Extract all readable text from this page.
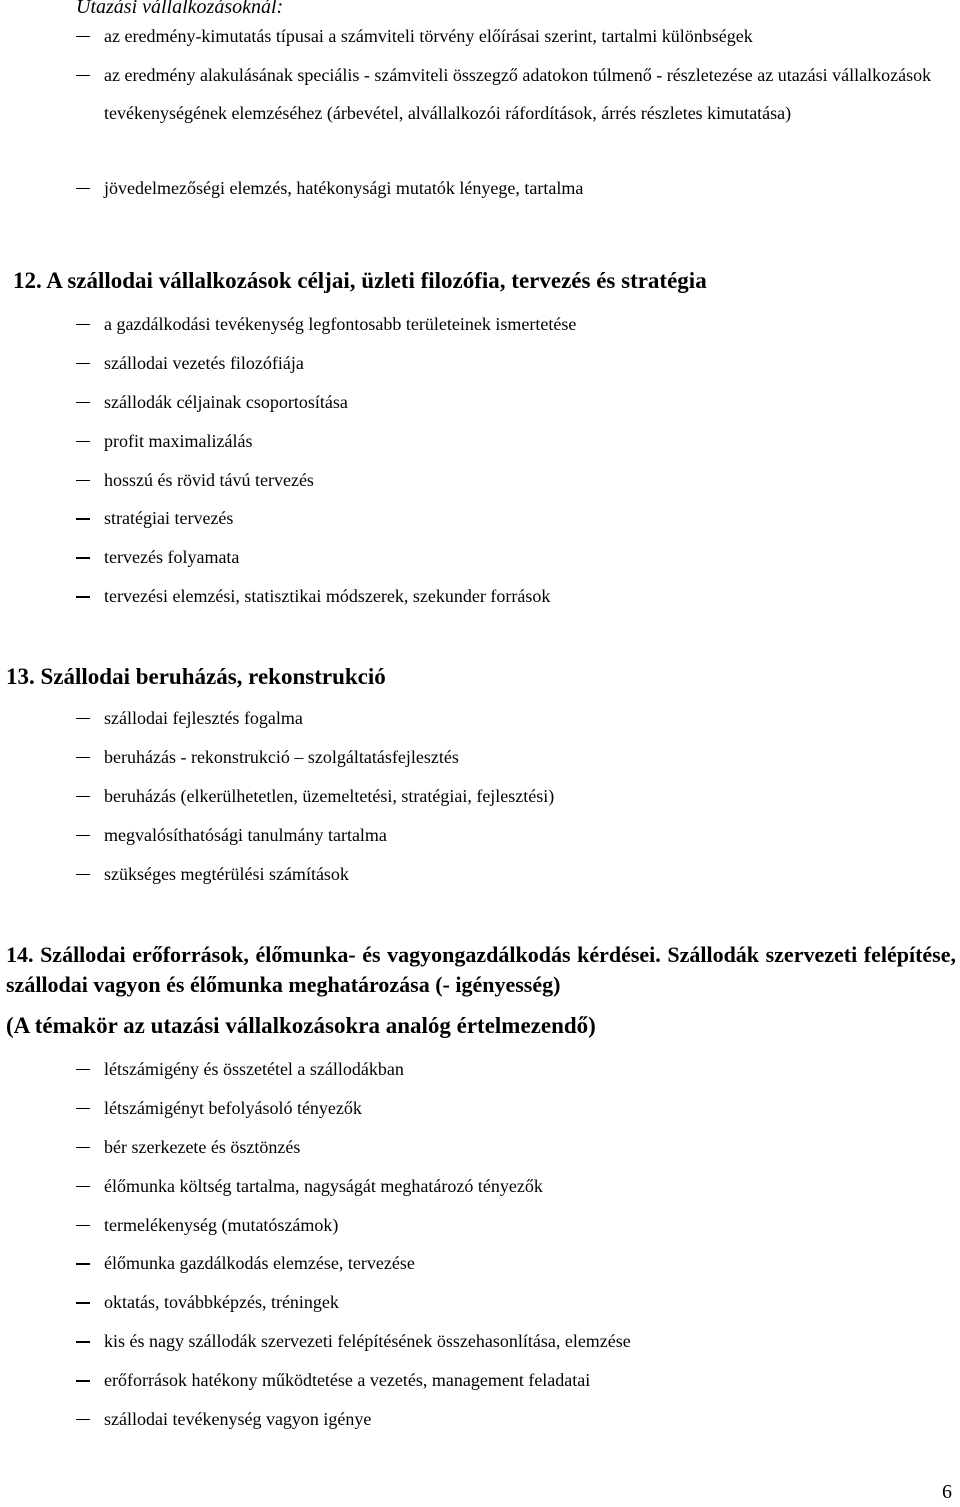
Utazási vállalkozásoknál:
az eredmény-kimutatás típusai a számviteli törvény előírásai szerint, tartalmi különbségek
az eredmény alakulásának speciális - számviteli összegző adatokon túlmenő - részletezése az utazási vállalkozások tevékenységének elemzéséhez (árbevétel, alvállalkozói ráfordítások, árrés részletes kimutatása)
jövedelmezőségi elemzés, hatékonysági mutatók lényege, tartalma
12. A szállodai vállalkozások céljai, üzleti filozófia, tervezés és stratégia
a gazdálkodási tevékenység legfontosabb területeinek ismertetése
szállodai vezetés filozófiája
szállodák céljainak csoportosítása
profit maximalizálás
hosszú és rövid távú tervezés
stratégiai tervezés
tervezés folyamata
tervezési elemzési, statisztikai módszerek, szekunder források
13. Szállodai beruházás, rekonstrukció
szállodai fejlesztés fogalma
beruházás - rekonstrukció – szolgáltatásfejlesztés
beruházás (elkerülhetetlen, üzemeltetési, stratégiai, fejlesztési)
megvalósíthatósági tanulmány tartalma
szükséges megtérülési számítások
14. Szállodai erőforrások, élőmunka- és vagyongazdálkodás kérdései. Szállodák szervezeti felépítése, szállodai vagyon és élőmunka meghatározása (- igényesség)
(A témakör az utazási vállalkozásokra analóg értelmezendő)
létszámigény és összetétel a szállodákban
létszámigényt befolyásoló tényezők
bér szerkezete és ösztönzés
élőmunka költség tartalma, nagyságát meghatározó tényezők
termelékenység (mutatószámok)
élőmunka gazdálkodás elemzése, tervezése
oktatás, továbbképzés, tréningek
kis és nagy szállodák szervezeti felépítésének összehasonlítása, elemzése
erőforrások hatékony működtetése a vezetés, management feladatai
szállodai tevékenység vagyon igénye
6
